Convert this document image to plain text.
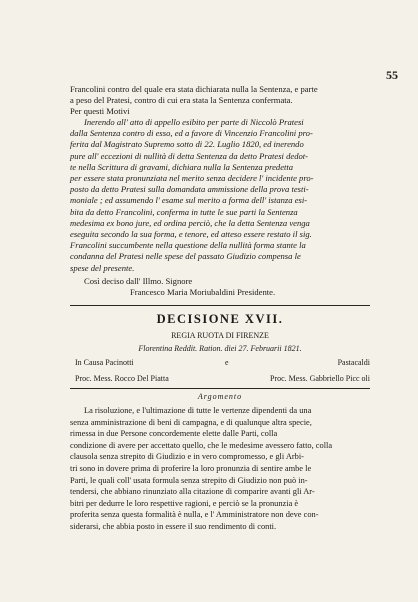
55

Francolini contro del quale era stata dichiarata nulla la Sentenza, e parte

a peso del Pratesi, contro di cui era stata la Sentenza confermata.

Per questi Motivi

Inerendo all' atto di appello esibito per parte di Niccolò Pratesi

dalla Sentenza contro di esso, ed a favore di Vincenzio Francolini pro-

ferita dal Magistrato Supremo sotto di 22. Luglio 1820, ed inerendo

pure all' eccezioni di nullità di detta Sentenza da detto Pratesi dedot-

te nella Scrittura di gravami, dichiara nulla la Sentenza predetta

per essere stata pronunziata nel merito senza decidere l' incidente pro-

posto da detto Pratesi sulla domandata ammissione della prova testi-

moniale ; ed assumendo l' esame sul merito a forma dell' istanza esi-

bita da detto Francolini, conferma in tutte le sue parti la Sentenza

medesima ex bono jure, ed ordina perciò, che la detta Sentenza venga

eseguita secondo la sua forma, e tenore, ed atteso essere restato il sig.

Francolini succumbente nella questione della nullità forma stante la

condanna del Pratesi nelle spese del passato Giudizio compensa le

spese del presente.

Così deciso dall' Illmo. Signore

Francesco Maria Moriubaldini Presidente.

DECISIONE XVII.
REGIA RUOTA DI FIRENZE
Florentina Reddit. Ration. diei 27. Februarii 1821.
In Causa Pacinotti	e	Pastacaldi
Proc. Mess. Rocco Del Piatta	Proc. Mess. Gabbriello Picc oli
Argomento

La risoluzione, e l'ultimazione di tutte le vertenze dipendenti da una

senza amministrazione di beni di campagna, e di qualunque altra specie,

rimessa in due Persone concordemente elette dalle Parti, colla

condizione di avere per accettato quello, che le medesime avessero fatto, colla

clausola senza strepito di Giudizio e in vero compromesso, e gli Arbi-

tri sono in dovere prima di proferire la loro pronunzia di sentire ambe le

Parti, le quali coll' usata formula senza strepito di Giudizio non può in-

tendersi, che abbiano rinunziato alla citazione di comparire avanti gli Ar-

bitri per dedurre le loro respettive ragioni, e perciò se la pronunzia è

proferita senza questa formalità è nulla, e l' Amministratore non deve con-

siderarsi, che abbia posto in essere il suo rendimento di conti.
